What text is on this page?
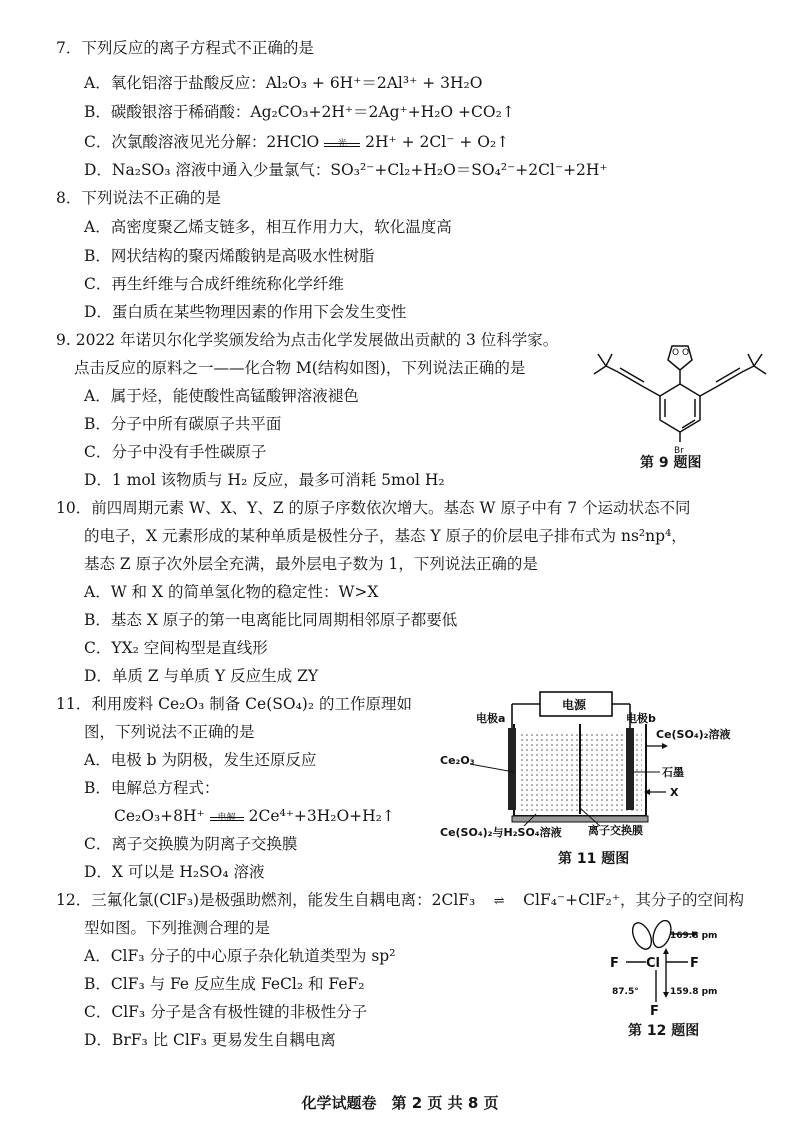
7．下列反应的离子方程式不正确的是
A．氧化铝溶于盐酸反应：Al₂O₃ + 6H⁺＝2Al³⁺ + 3H₂O
B．碳酸银溶于稀硝酸：Ag₂CO₃+2H⁺＝2Ag⁺+H₂O +CO₂↑
C．次氯酸溶液见光分解：2HClO	光	2H⁺ + 2Cl⁻ + O₂↑
D．Na₂SO₃ 溶液中通入少量氯气：SO₃²⁻+Cl₂+H₂O＝SO₄²⁻+2Cl⁻+2H⁺
8．下列说法不正确的是
A．高密度聚乙烯支链多，相互作用力大，软化温度高
B．网状结构的聚丙烯酸钠是高吸水性树脂
C．再生纤维与合成纤维统称化学纤维
D．蛋白质在某些物理因素的作用下会发生变性
9. 2022 年诺贝尔化学奖颁发给为点击化学发展做出贡献的 3 位科学家。
点击反应的原料之一——化合物 M(结构如图)，下列说法正确的是
A．属于烃，能使酸性高锰酸钾溶液褪色
B．分子中所有碳原子共平面
C．分子中没有手性碳原子
D．1 mol 该物质与 H₂ 反应，最多可消耗 5mol H₂
O O
Br
第 9 题图
10．前四周期元素 W、X、Y、Z 的原子序数依次增大。基态 W 原子中有 7 个运动状态不同
的电子，X 元素形成的某种单质是极性分子，基态 Y 原子的价层电子排布式为 ns²np⁴，
基态 Z 原子次外层全充满，最外层电子数为 1，下列说法正确的是
A．W 和 X 的简单氢化物的稳定性：W>X
B．基态 X 原子的第一电离能比同周期相邻原子都要低
C．YX₂ 空间构型是直线形
D．单质 Z 与单质 Y 反应生成 ZY
11．利用废料 Ce₂O₃ 制备 Ce(SO₄)₂ 的工作原理如
图，下列说法不正确的是
A．电极 b 为阴极，发生还原反应
B．电解总方程式：
Ce₂O₃+8H⁺	电解 2Ce⁴⁺+3H₂O+H₂↑
C．离子交换膜为阴离子交换膜
D．X 可以是 H₂SO₄ 溶液
电源
电极a	电极b
Ce₂O₃
Ce(SO₄)₂溶液
石墨
X
Ce(SO₄)₂与H₂SO₄溶液 离子交换膜
第 11 题图
12．三氟化氯(ClF₃)是极强助燃剂，能发生自耦电离：2ClF₃ ⇌ ClF₄⁻+ClF₂⁺，其分子的空间构
型如图。下列推测合理的是
A．ClF₃ 分子的中心原子杂化轨道类型为 sp²
B．ClF₃ 与 Fe 反应生成 FeCl₂ 和 FeF₂
C．ClF₃ 分子是含有极性键的非极性分子
D．BrF₃ 比 ClF₃ 更易发生自耦电离
F Cl F
F
169.8 pm
159.8 pm
87.5°
第 12 题图
化学试题卷　第 2 页 共 8 页
